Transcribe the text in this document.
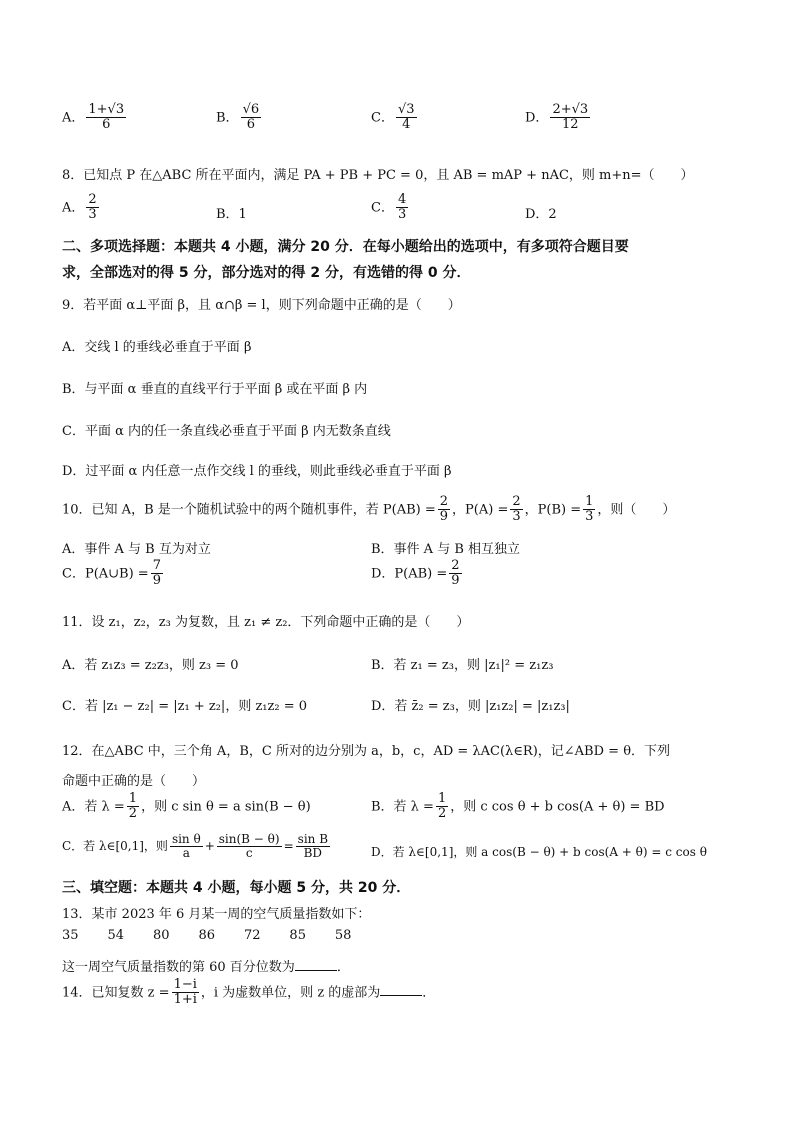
A． $\frac{1+√3}{6}$	B． $\frac{√6}{6}$	C． $\frac{√3}{4}$	D． $\frac{2+√3}{12}$
8．已知点 P 在△ABC 所在平面内，满足 PA + PB + PC = 0，且 AB = mAP + nAC，则 m+n=（　　）
A． $\frac{2}{3}$	B．1	C． $\frac{4}{3}$	D．2
二、多项选择题：本题共 4 小题，满分 20 分．在每小题给出的选项中，有多项符合题目要
求，全部选对的得 5 分，部分选对的得 2 分，有选错的得 0 分．
9．若平面 α⊥平面 β，且 α∩β = l，则下列命题中正确的是（　　）
A．交线 l 的垂线必垂直于平面 β
B．与平面 α 垂直的直线平行于平面 β 或在平面 β 内
C．平面 α 内的任一条直线必垂直于平面 β 内无数条直线
D．过平面 α 内任意一点作交线 l 的垂线，则此垂线必垂直于平面 β
10．已知 A，B 是一个随机试验中的两个随机事件，若 $P(AB) = \frac{2}{9}$ ，$P(A) = \frac{2}{3}$ ，$P(B) = \frac{1}{3}$ ，则（　　）
A．事件 A 与 B 互为对立	B．事件 A 与 B 相互独立
C．P(A∪B) = $\frac{7}{9}$	D．$P(AB) = \frac{2}{9}$
11．设 z₁，z₂，z₃ 为复数，且 z₁ ≠ z₂．下列命题中正确的是（　　）
A．若 z₁z₃ = z₂z₃，则 z₃ = 0	B．若 z₁ = z₃，则 |z₁|² = z₁z₃
C．若 |z₁ − z₂| = |z₁ + z₂|，则 z₁z₂ = 0	D．若 z̄₂ = z₃，则 |z₁z₂| = |z₁z₃|
12．在△ABC 中，三个角 A，B，C 所对的边分别为 a，b，c，AD = λAC(λ∈R)，记∠ABD = θ．下列
命题中正确的是（　　）
A．若 $\lambda = \frac{1}{2}$ ，则 c sin θ = a sin(B − θ)	B．若 $\lambda = \frac{1}{2}$ ，则 c cos θ + b cos(A + θ) = BD
C．若 λ∈[0,1]，则 $\frac{\text{sin θ}}{a} + \frac{\sin(B - \theta)}{c} = \frac{\text{sin B}}{BD}$	D．若 λ∈[0,1]，则 a cos(B − θ) + b cos(A + θ) = c cos θ
三、填空题：本题共 4 小题，每小题 5 分，共 20 分．
13．某市 2023 年 6 月某一周的空气质量指数如下：
35 54 80 86 72 85 58
这一周空气质量指数的第 60 百分位数为	．
14．已知复数 $z = \frac{1-i}{1+i}$ ，i 为虚数单位，则 z 的虚部为	．
